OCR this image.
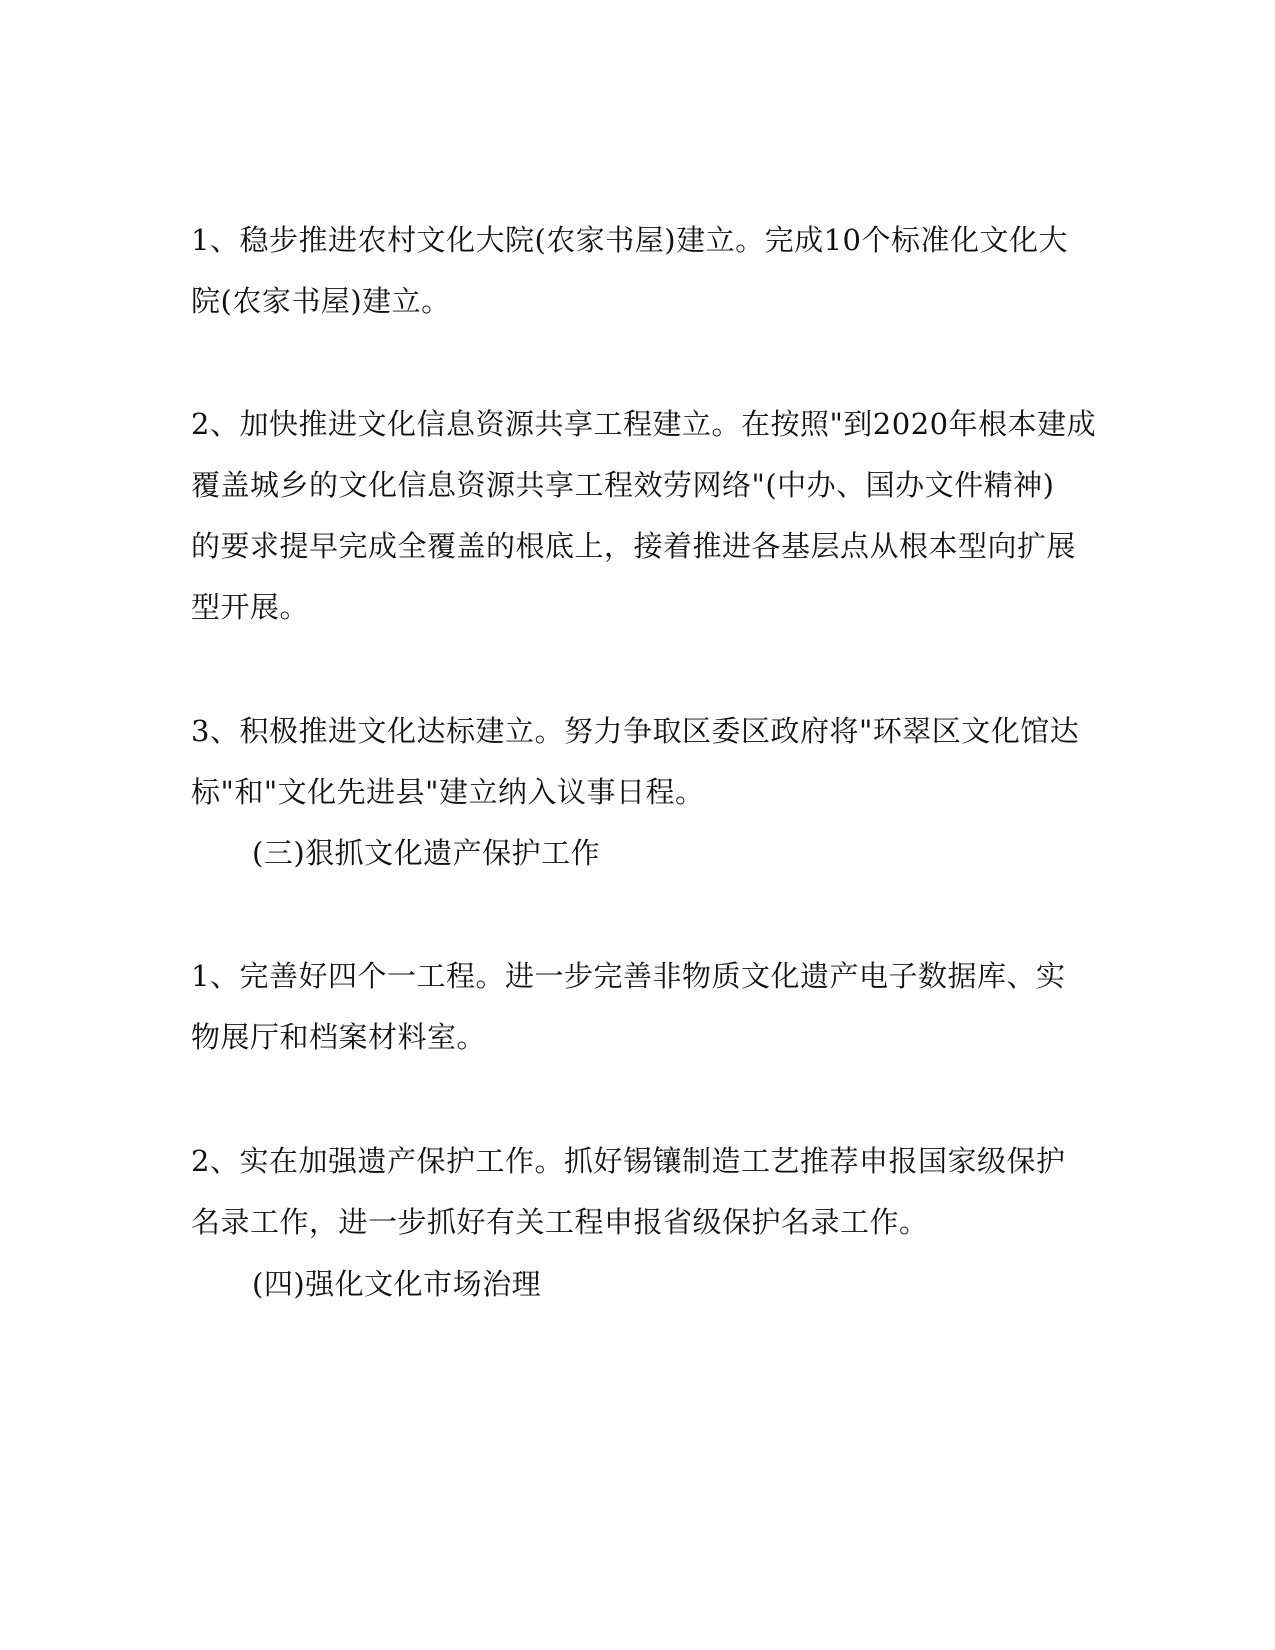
1、稳步推进农村文化大院(农家书屋)建立。完成10个标准化文化大
院(农家书屋)建立。
2、加快推进文化信息资源共享工程建立。在按照"到2020年根本建成
覆盖城乡的文化信息资源共享工程效劳网络"(中办、国办文件精神)
的要求提早完成全覆盖的根底上，接着推进各基层点从根本型向扩展
型开展。
3、积极推进文化达标建立。努力争取区委区政府将"环翠区文化馆达
标"和"文化先进县"建立纳入议事日程。
(三)狠抓文化遗产保护工作
1、完善好四个一工程。进一步完善非物质文化遗产电子数据库、实
物展厅和档案材料室。
2、实在加强遗产保护工作。抓好锡镶制造工艺推荐申报国家级保护
名录工作，进一步抓好有关工程申报省级保护名录工作。
(四)强化文化市场治理
